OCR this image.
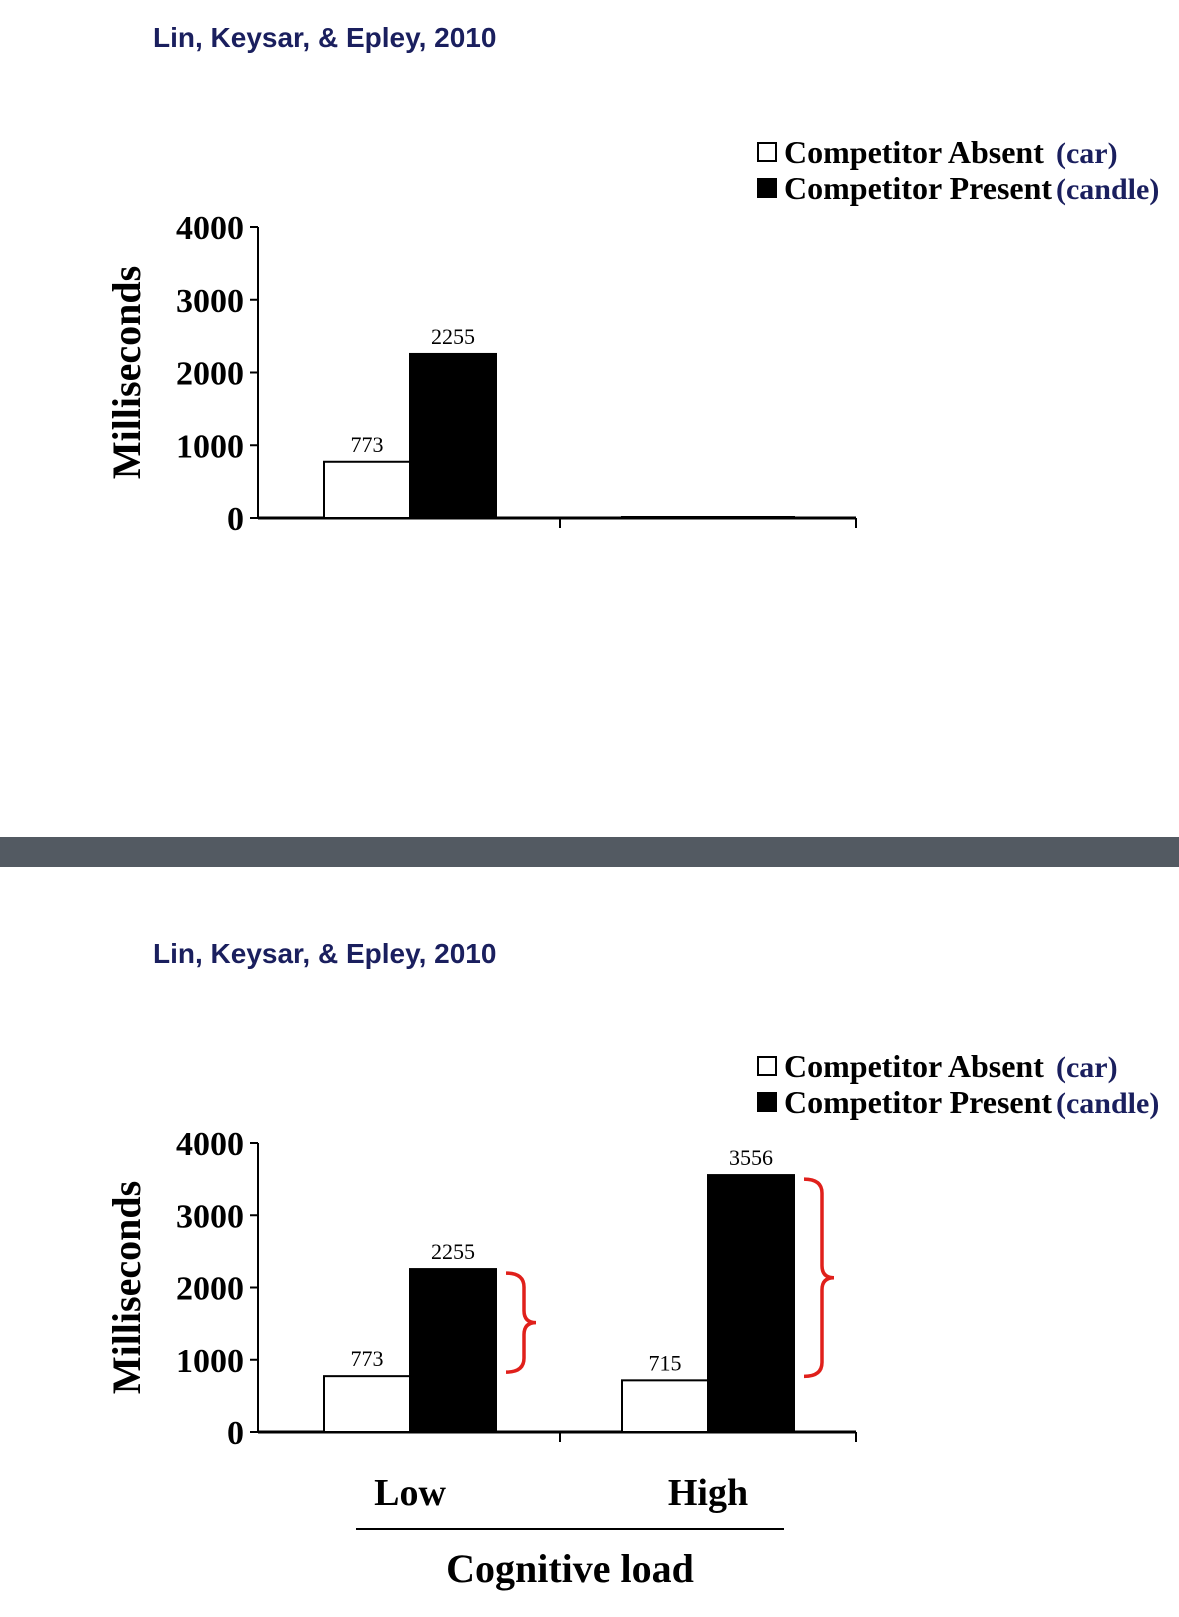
Lin, Keysar, & Epley, 2010
0
1000
2000
3000
4000
Milliseconds	773
2255
Competitor Absent (car)
Competitor Present (candle)
Lin, Keysar, & Epley, 2010
0
1000
2000
3000
4000
Milliseconds	773	715
2255
3556
Low	High
Cognitive load
Competitor Absent (car)
Competitor Present (candle)
